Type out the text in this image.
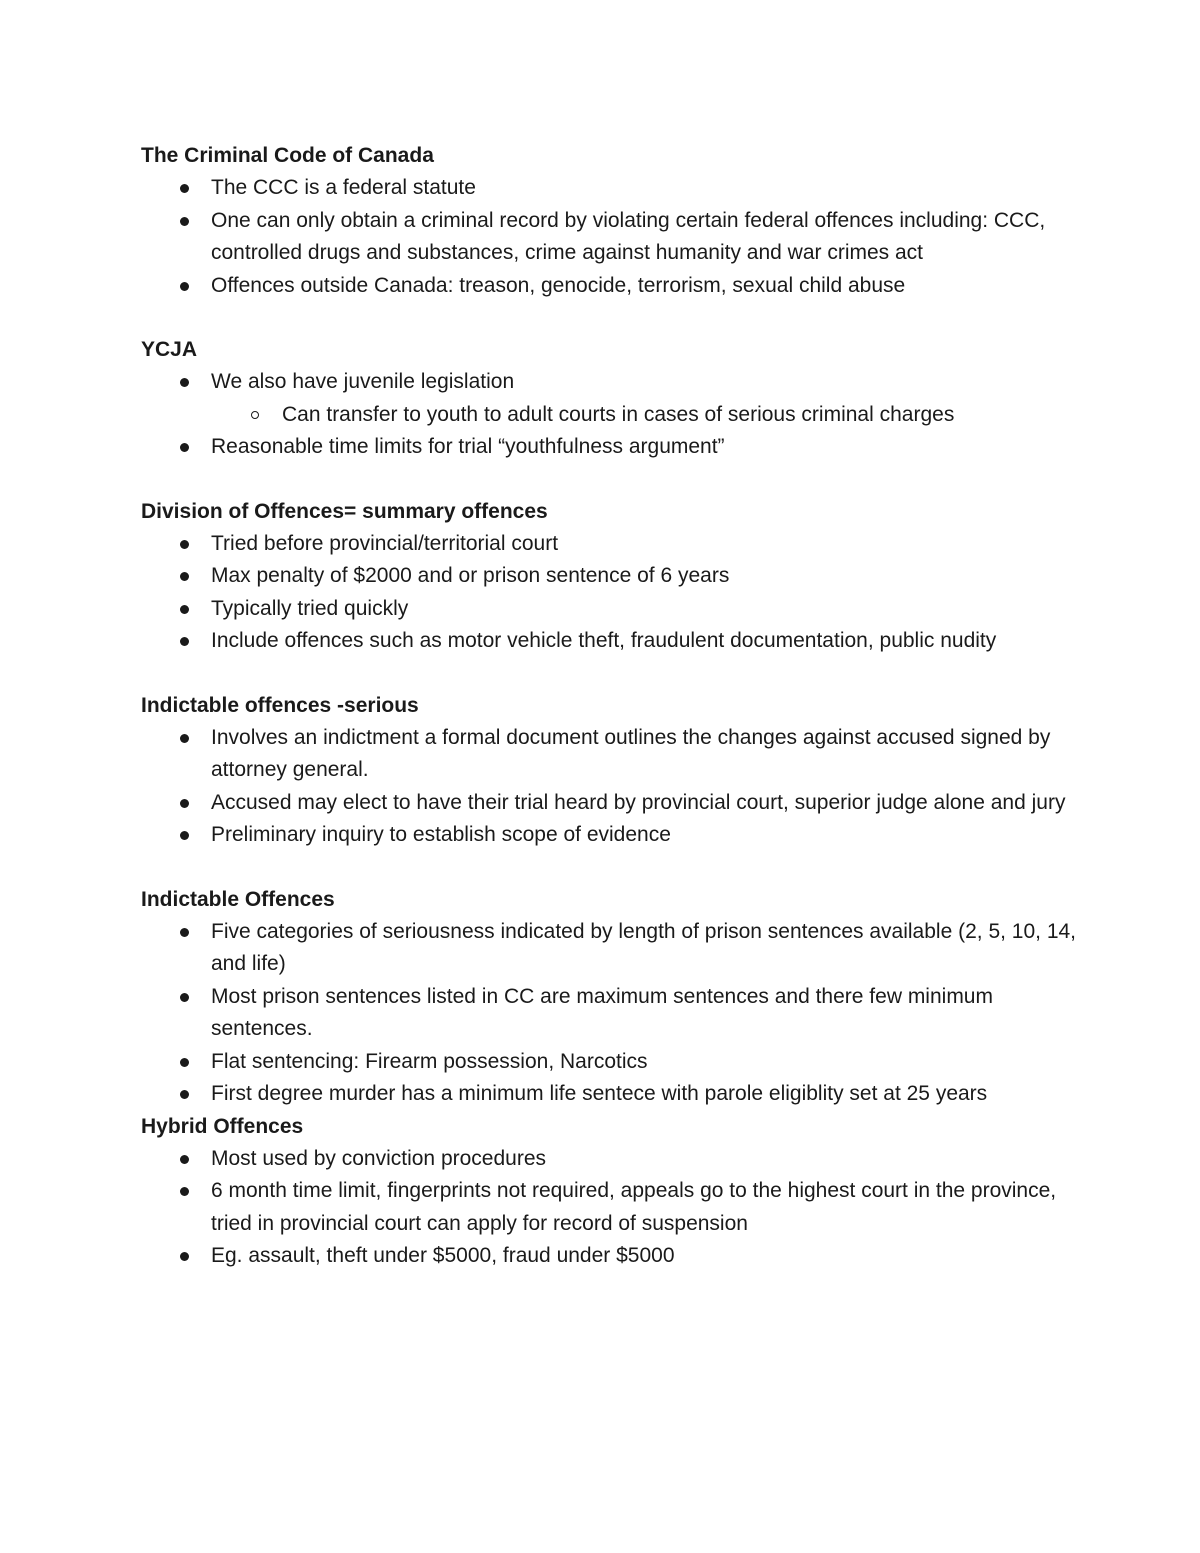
The Criminal Code of Canada
The CCC is a federal statute
One can only obtain a criminal record by violating certain federal offences including: CCC, controlled drugs and substances, crime against humanity and war crimes act
Offences outside Canada: treason, genocide, terrorism, sexual child abuse
YCJA
We also have juvenile legislation
Can transfer to youth to adult courts in cases of serious criminal charges
Reasonable time limits for trial “youthfulness argument”
Division of Offences= summary offences
Tried before provincial/territorial court
Max penalty of $2000 and or prison sentence of 6 years
Typically tried quickly
Include offences such as motor vehicle theft, fraudulent documentation, public nudity
Indictable offences -serious
Involves an indictment a formal document outlines the changes against accused signed by attorney general.
Accused may elect to have their trial heard by provincial court, superior judge alone and jury
Preliminary inquiry to establish scope of evidence
Indictable Offences
Five categories of seriousness indicated by length of prison sentences available (2, 5, 10, 14, and life)
Most prison sentences listed in CC are maximum sentences and there few minimum sentences.
Flat sentencing: Firearm possession, Narcotics
First degree murder has a minimum life sentece with parole eligiblity set at 25 years
Hybrid Offences
Most used by conviction procedures
6 month time limit, fingerprints not required, appeals go to the highest court in the province, tried in provincial court can apply for record of suspension
Eg. assault, theft under $5000, fraud under $5000
